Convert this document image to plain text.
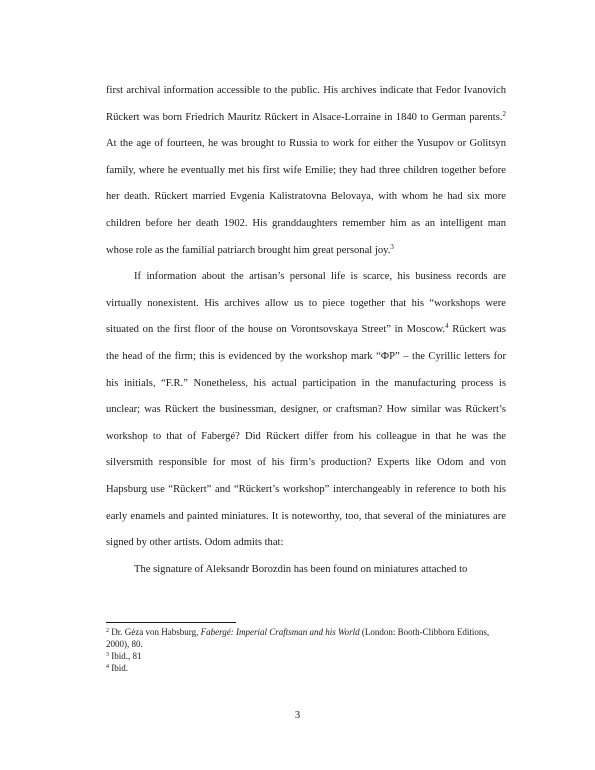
first archival information accessible to the public. His archives indicate that Fedor Ivanovich Rückert was born Friedrich Mauritz Rückert in Alsace-Lorraine in 1840 to German parents.$^2$ At the age of fourteen, he was brought to Russia to work for either the Yusupov or Golitsyn family, where he eventually met his first wife Emilie; they had three children together before her death. Rückert married Evgenia Kalistratovna Belovaya, with whom he had six more children before her death 1902. His granddaughters remember him as an intelligent man whose role as the familial patriarch brought him great personal joy.$^3$

If information about the artisan’s personal life is scarce, his business records are virtually nonexistent. His archives allow us to piece together that his “workshops were situated on the first floor of the house on Vorontsovskaya Street” in Moscow.$^4$ Rückert was the head of the firm; this is evidenced by the workshop mark “ФР” – the Cyrillic letters for his initials, “F.R.” Nonetheless, his actual participation in the manufacturing process is unclear; was Rückert the businessman, designer, or craftsman? How similar was Rückert’s workshop to that of Fabergé? Did Rückert differ from his colleague in that he was the silversmith responsible for most of his firm’s production? Experts like Odom and von Hapsburg use “Rückert” and “Rückert’s workshop” interchangeably in reference to both his early enamels and painted miniatures. It is noteworthy, too, that several of the miniatures are signed by other artists. Odom admits that:

The signature of Aleksandr Borozdin has been found on miniatures attached to

$^2$ Dr. Géza von Habsburg, Fabergé: Imperial Craftsman and his World (London: Booth-Clibborn Editions, 2000), 80.

$^3$ Ibid., 81

$^4$ Ibid.

3
